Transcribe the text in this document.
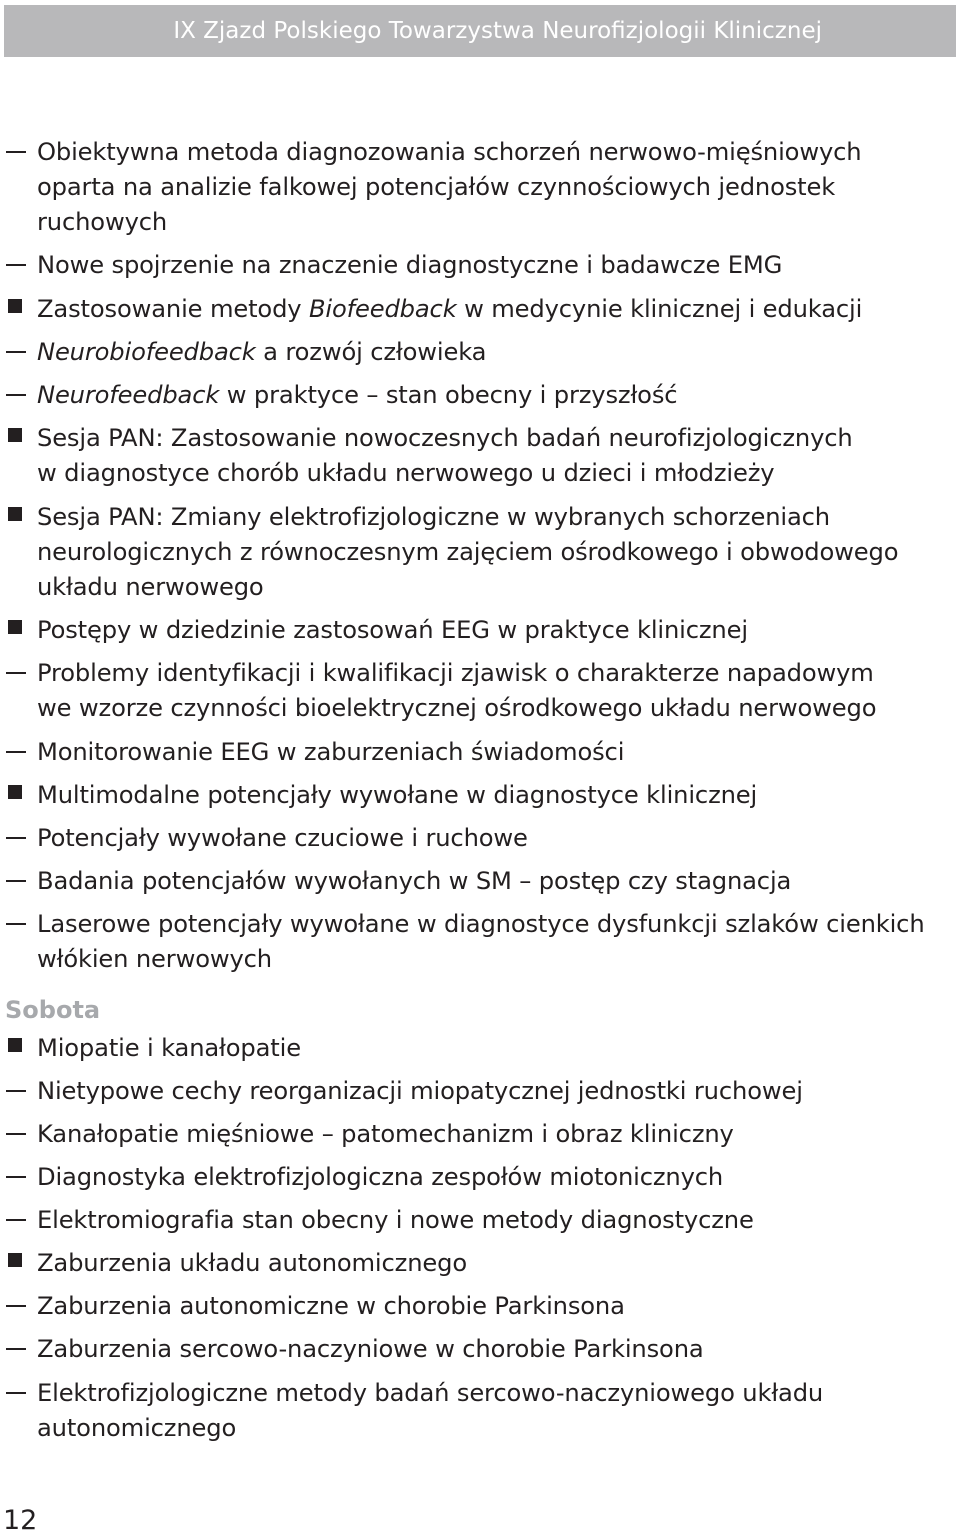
IX Zjazd Polskiego Towarzystwa Neurofizjologii Klinicznej
Obiektywna metoda diagnozowania schorzeń nerwowo-mięśniowych
oparta na analizie falkowej potencjałów czynnościowych jednostek
ruchowych
Nowe spojrzenie na znaczenie diagnostyczne i badawcze EMG
Zastosowanie metody Biofeedback w medycynie klinicznej i edukacji
Neurobiofeedback a rozwój człowieka
Neurofeedback w praktyce – stan obecny i przyszłość
Sesja PAN: Zastosowanie nowoczesnych badań neurofizjologicznych
w diagnostyce chorób układu nerwowego u dzieci i młodzieży
Sesja PAN: Zmiany elektrofizjologiczne w wybranych schorzeniach
neurologicznych z równoczesnym zajęciem ośrodkowego i obwodowego
układu nerwowego
Postępy w dziedzinie zastosowań EEG w praktyce klinicznej
Problemy identyfikacji i kwalifikacji zjawisk o charakterze napadowym
we wzorze czynności bioelektrycznej ośrodkowego układu nerwowego
Monitorowanie EEG w zaburzeniach świadomości
Multimodalne potencjały wywołane w diagnostyce klinicznej
Potencjały wywołane czuciowe i ruchowe
Badania potencjałów wywołanych w SM – postęp czy stagnacja
Laserowe potencjały wywołane w diagnostyce dysfunkcji szlaków cienkich
włókien nerwowych
Sobota
Miopatie i kanałopatie
Nietypowe cechy reorganizacji miopatycznej jednostki ruchowej
Kanałopatie mięśniowe – patomechanizm i obraz kliniczny
Diagnostyka elektrofizjologiczna zespołów miotonicznych
Elektromiografia stan obecny i nowe metody diagnostyczne
Zaburzenia układu autonomicznego
Zaburzenia autonomiczne w chorobie Parkinsona
Zaburzenia sercowo-naczyniowe w chorobie Parkinsona
Elektrofizjologiczne metody badań sercowo-naczyniowego układu
autonomicznego
12
